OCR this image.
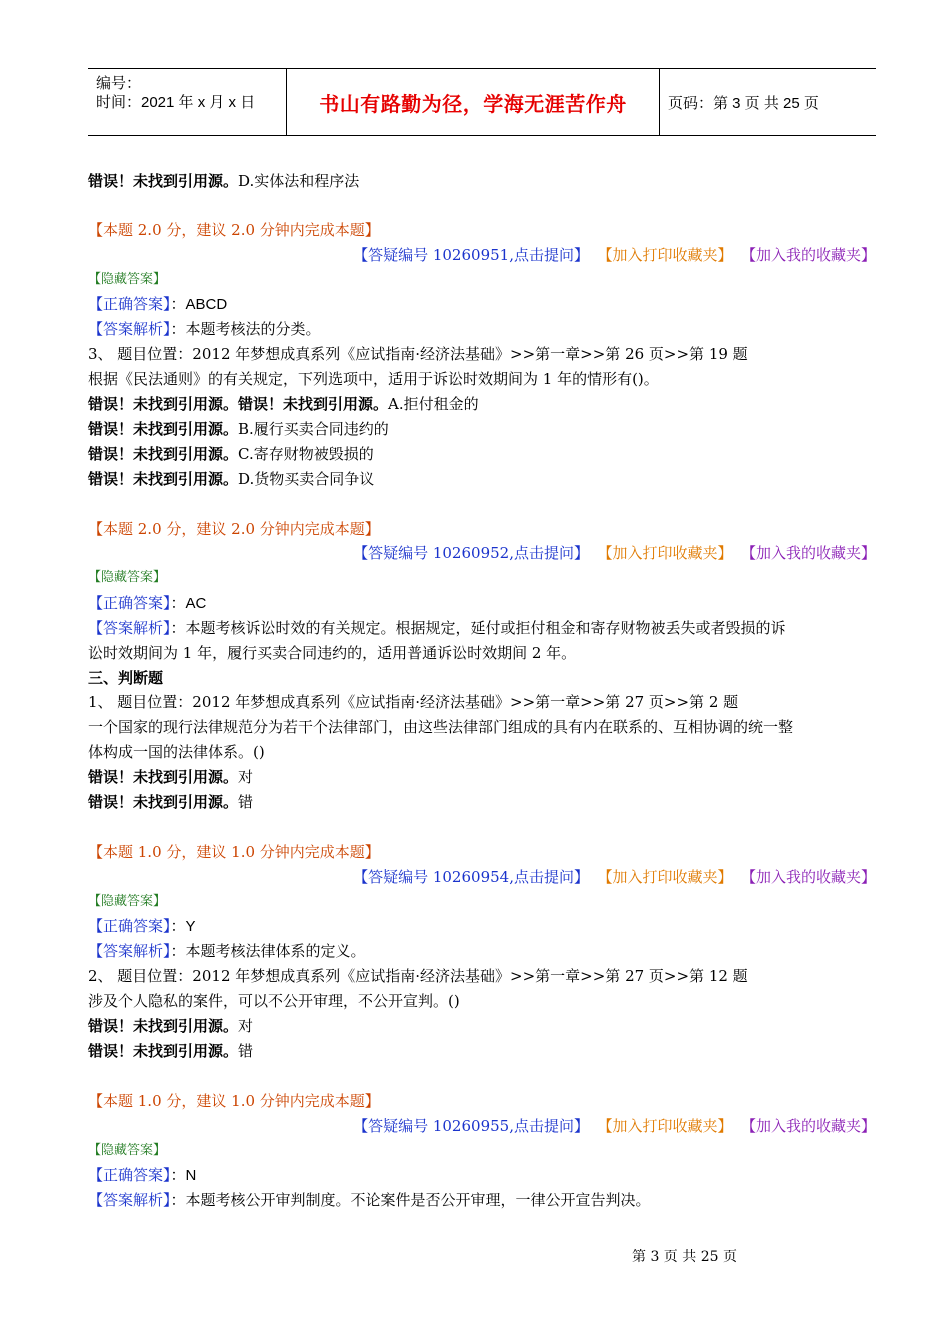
编号：
时间：2021 年 x 月 x 日	书山有路勤为径，学海无涯苦作舟	页码：第 3 页 共 25 页
错误！未找到引用源。D.实体法和程序法
【本题 2.0 分，建议 2.0 分钟内完成本题】
【答疑编号 10260951,点击提问】 【加入打印收藏夹】 【加入我的收藏夹】
【隐藏答案】
【正确答案】：ABCD
【答案解析】：本题考核法的分类。
3、 题目位置：2012 年梦想成真系列《应试指南·经济法基础》>>第一章>>第 26 页>>第 19 题
根据《民法通则》的有关规定，下列选项中，适用于诉讼时效期间为 1 年的情形有()。
错误！未找到引用源。错误！未找到引用源。A.拒付租金的
错误！未找到引用源。B.履行买卖合同违约的
错误！未找到引用源。C.寄存财物被毁损的
错误！未找到引用源。D.货物买卖合同争议
【本题 2.0 分，建议 2.0 分钟内完成本题】
【答疑编号 10260952,点击提问】 【加入打印收藏夹】 【加入我的收藏夹】
【隐藏答案】
【正确答案】：AC
【答案解析】：本题考核诉讼时效的有关规定。根据规定，延付或拒付租金和寄存财物被丢失或者毁损的诉
讼时效期间为 1 年，履行买卖合同违约的，适用普通诉讼时效期间 2 年。
三、判断题
1、 题目位置：2012 年梦想成真系列《应试指南·经济法基础》>>第一章>>第 27 页>>第 2 题
一个国家的现行法律规范分为若干个法律部门，由这些法律部门组成的具有内在联系的、互相协调的统一整
体构成一国的法律体系。()
错误！未找到引用源。对
错误！未找到引用源。错
【本题 1.0 分，建议 1.0 分钟内完成本题】
【答疑编号 10260954,点击提问】 【加入打印收藏夹】 【加入我的收藏夹】
【隐藏答案】
【正确答案】：Y
【答案解析】：本题考核法律体系的定义。
2、 题目位置：2012 年梦想成真系列《应试指南·经济法基础》>>第一章>>第 27 页>>第 12 题
涉及个人隐私的案件，可以不公开审理，不公开宣判。()
错误！未找到引用源。对
错误！未找到引用源。错
【本题 1.0 分，建议 1.0 分钟内完成本题】
【答疑编号 10260955,点击提问】 【加入打印收藏夹】 【加入我的收藏夹】
【隐藏答案】
【正确答案】：N
【答案解析】：本题考核公开审判制度。不论案件是否公开审理，一律公开宣告判决。
第 3 页 共 25 页
